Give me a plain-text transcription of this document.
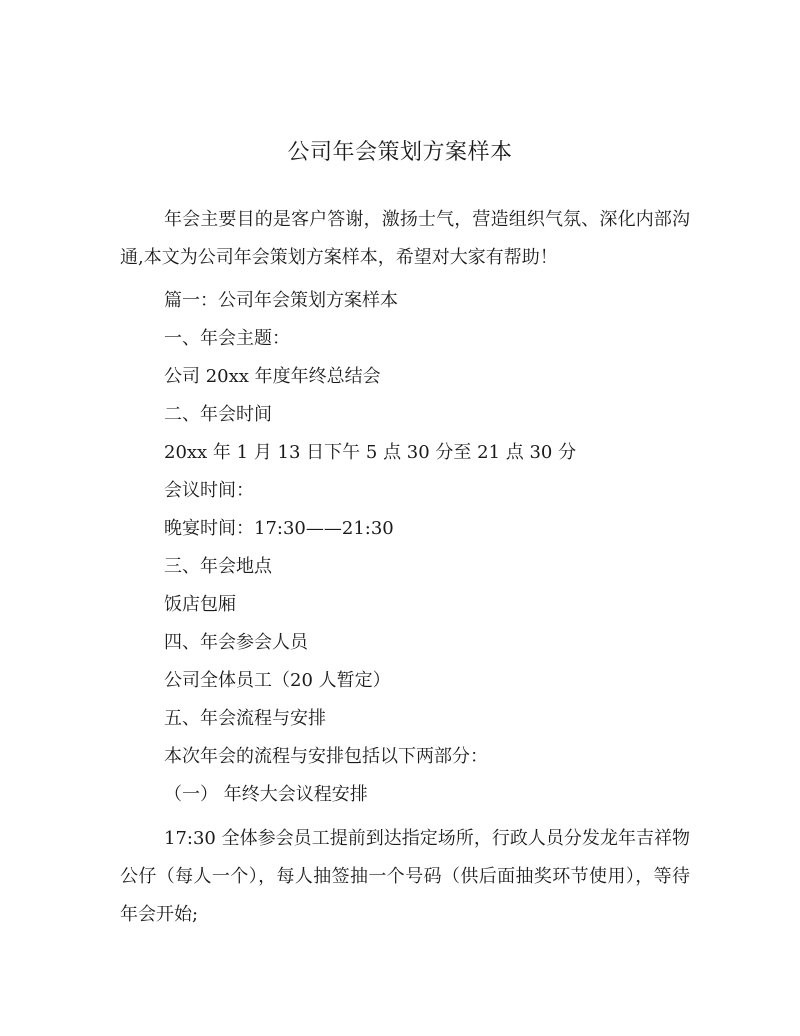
公司年会策划方案样本

年会主要目的是客户答谢，激扬士气，营造组织气氛、深化内部沟通,本文为公司年会策划方案样本，希望对大家有帮助！

篇一：公司年会策划方案样本

一、年会主题：

公司 20xx 年度年终总结会

二、年会时间

20xx 年 1 月 13 日下午 5 点 30 分至 21 点 30 分

会议时间：

晚宴时间：17:30——21:30

三、年会地点

饭店包厢

四、年会参会人员

公司全体员工（20 人暂定）

五、年会流程与安排

本次年会的流程与安排包括以下两部分：

（一） 年终大会议程安排

17:30 全体参会员工提前到达指定场所，行政人员分发龙年吉祥物公仔（每人一个），每人抽签抽一个号码（供后面抽奖环节使用），等待年会开始;
